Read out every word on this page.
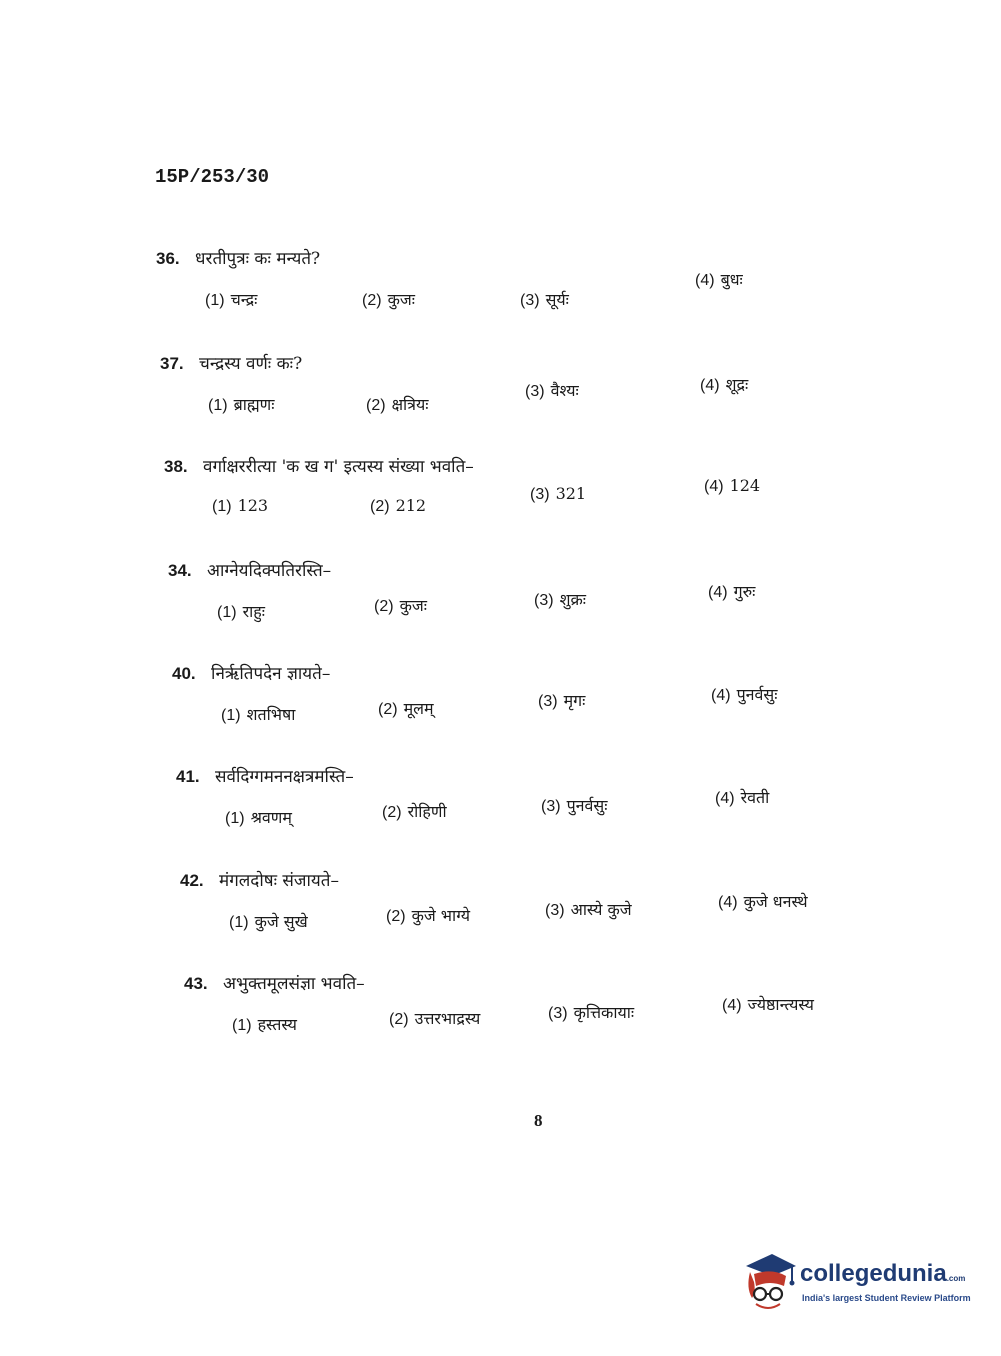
15P/253/30
36. धरतीपुत्रः कः मन्यते?
(1) चन्द्रः	(2) कुजः	(3) सूर्यः
(4) बुधः
37. चन्द्रस्य वर्णः कः?
(1) ब्राह्मणः	(2) क्षत्रियः
(3) वैश्यः	(4) शूद्रः
38. वर्गाक्षररीत्या 'क ख ग' इत्यस्य संख्या भवति–
(1) 123	(2) 212
(3) 321	(4) 124
34. आग्नेयदिक्पतिरस्ति–
(1) राहुः	(2) कुजः	(3) शुक्रः	(4) गुरुः
40. निर्ऋतिपदेन ज्ञायते–
(1) शतभिषा	(2) मूलम्	(3) मृगः	(4) पुनर्वसुः
41. सर्वदिग्गमननक्षत्रमस्ति–
(1) श्रवणम्	(2) रोहिणी	(3) पुनर्वसुः	(4) रेवती
42. मंगलदोषः संजायते–
(1) कुजे सुखे	(2) कुजे भाग्ये	(3) आस्ये कुजे	(4) कुजे धनस्थे
43. अभुक्तमूलसंज्ञा भवति–
(1) हस्तस्य	(2) उत्तरभाद्रस्य	(3) कृत्तिकायाः	(4) ज्येष्ठान्त्यस्य
8
collegedunia.com
India's largest Student Review Platform
